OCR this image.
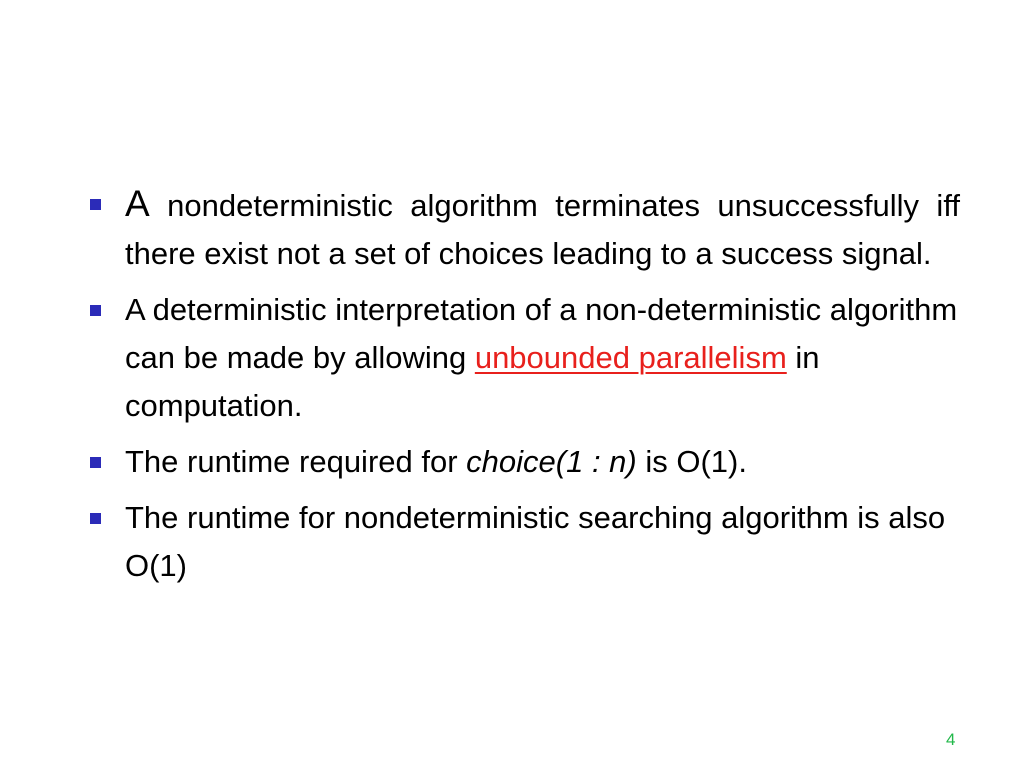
A nondeterministic algorithm terminates unsuccessfully iff there exist not a set of choices leading to a success signal.
A deterministic interpretation of a non-deterministic algorithm can be made by allowing unbounded parallelism in computation.
The runtime required for choice(1 : n) is O(1).
The runtime for nondeterministic searching algorithm is also O(1)
4
